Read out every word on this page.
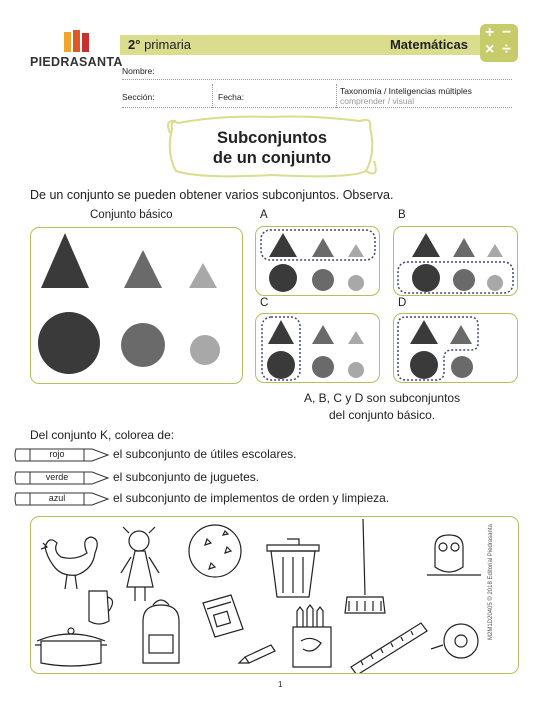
PIEDRASANTA
2° primaria	Matemáticas
+ −
× ÷
Nombre:
Sección:	Fecha:
Taxonomía / Inteligencias múltiples
comprender / visual
Subconjuntos
de un conjunto
De un conjunto se pueden obtener varios subconjuntos. Observa.
Conjunto básico	A	B
C	D
A, B, C y D son subconjuntos
del conjunto básico.
Del conjunto K, colorea de:
rojo	el subconjunto de útiles escolares.
verde	el subconjunto de juguetes.
azul	el subconjunto de implementos de orden y limpieza.
1
M2M1D20405 © 2018 Editorial Piedrasanta
